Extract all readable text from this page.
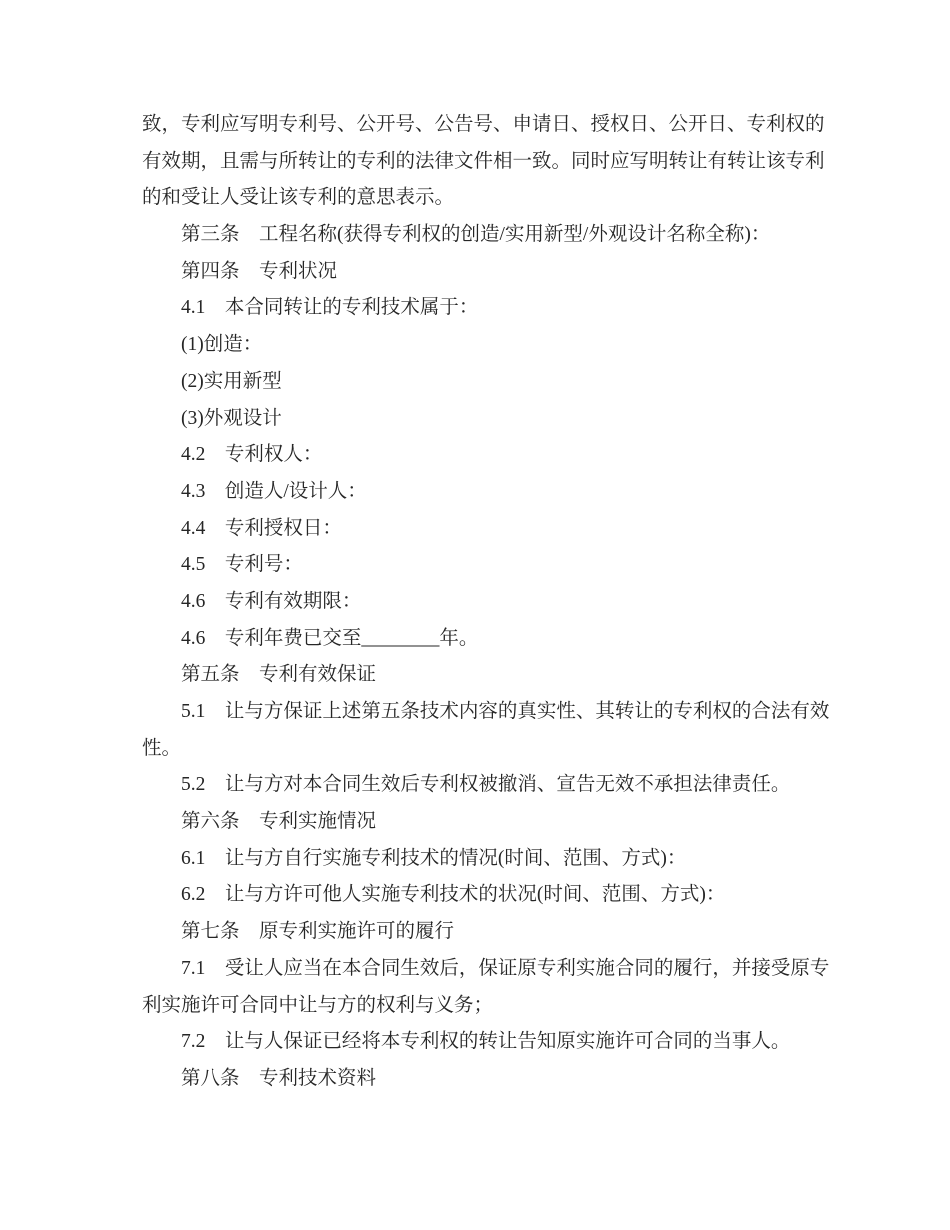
致，专利应写明专利号、公开号、公告号、申请日、授权日、公开日、专利权的
有效期，且需与所转让的专利的法律文件相一致。同时应写明转让有转让该专利
的和受让人受让该专利的意思表示。
第三条　工程名称(获得专利权的创造/实用新型/外观设计名称全称)：
第四条　专利状况
4.1　本合同转让的专利技术属于：
(1)创造：
(2)实用新型
(3)外观设计
4.2　专利权人：
4.3　创造人/设计人：
4.4　专利授权日：
4.5　专利号：
4.6　专利有效期限：
4.6　专利年费已交至________年。
第五条　专利有效保证
5.1　让与方保证上述第五条技术内容的真实性、其转让的专利权的合法有效
性。
5.2　让与方对本合同生效后专利权被撤消、宣告无效不承担法律责任。
第六条　专利实施情况
6.1　让与方自行实施专利技术的情况(时间、范围、方式)：
6.2　让与方许可他人实施专利技术的状况(时间、范围、方式)：
第七条　原专利实施许可的履行
7.1　受让人应当在本合同生效后，保证原专利实施合同的履行，并接受原专
利实施许可合同中让与方的权利与义务；
7.2　让与人保证已经将本专利权的转让告知原实施许可合同的当事人。
第八条　专利技术资料
